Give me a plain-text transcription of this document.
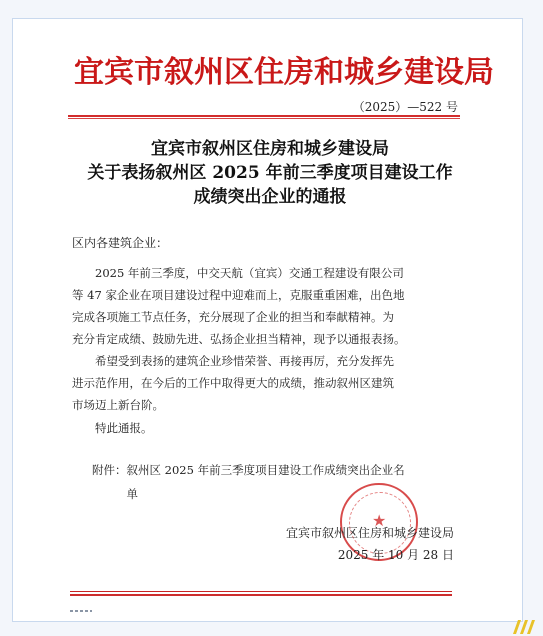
宜宾市叙州区住房和城乡建设局
（2025）—522 号
宜宾市叙州区住房和城乡建设局
关于表扬叙州区 2025 年前三季度项目建设工作
成绩突出企业的通报
区内各建筑企业：
　　2025 年前三季度，中交天航（宜宾）交通工程建设有限公司
等 47 家企业在项目建设过程中迎难而上，克服重重困难，出色地
完成各项施工节点任务，充分展现了企业的担当和奉献精神。为
充分肯定成绩、鼓励先进、弘扬企业担当精神，现予以通报表扬。
　　希望受到表扬的建筑企业珍惜荣誉、再接再厉，充分发挥先
进示范作用，在今后的工作中取得更大的成绩，推动叙州区建筑
市场迈上新台阶。
　　特此通报。
附件：叙州区 2025 年前三季度项目建设工作成绩突出企业名
　　　单
★
宜宾市叙州区住房和城乡建设局
2025 年 10 月 28 日
